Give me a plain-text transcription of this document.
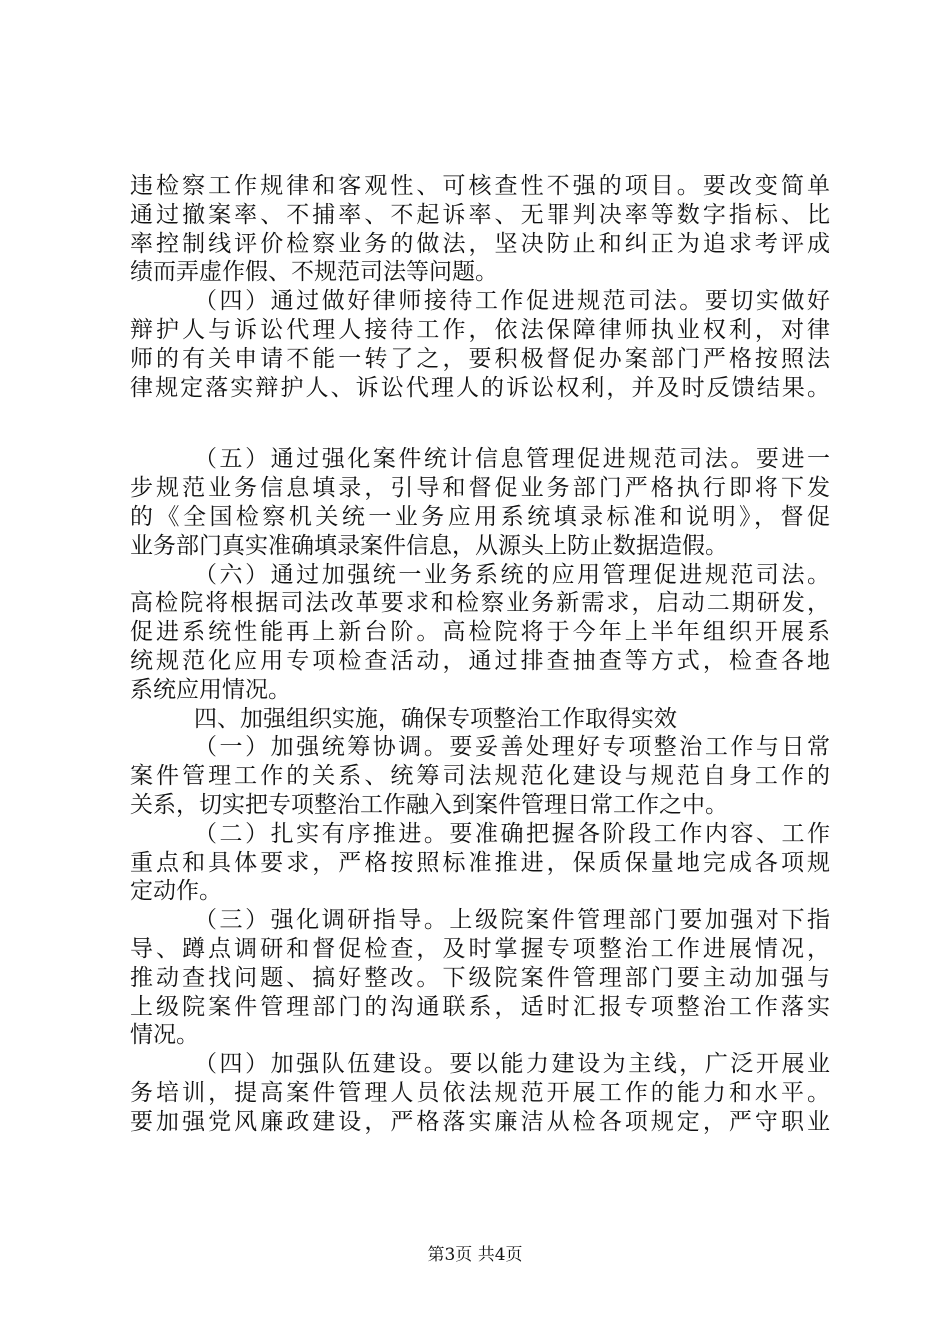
违检察工作规律和客观性、可核查性不强的项目。要改变简单
通过撤案率、不捕率、不起诉率、无罪判决率等数字指标、比
率控制线评价检察业务的做法，坚决防止和纠正为追求考评成
绩而弄虚作假、不规范司法等问题。
（四）通过做好律师接待工作促进规范司法。要切实做好
辩护人与诉讼代理人接待工作，依法保障律师执业权利，对律
师的有关申请不能一转了之，要积极督促办案部门严格按照法
律规定落实辩护人、诉讼代理人的诉讼权利，并及时反馈结果。
（五）通过强化案件统计信息管理促进规范司法。要进一
步规范业务信息填录，引导和督促业务部门严格执行即将下发
的《全国检察机关统一业务应用系统填录标准和说明》，督促
业务部门真实准确填录案件信息，从源头上防止数据造假。
（六）通过加强统一业务系统的应用管理促进规范司法。
高检院将根据司法改革要求和检察业务新需求，启动二期研发，
促进系统性能再上新台阶。高检院将于今年上半年组织开展系
统规范化应用专项检查活动，通过排查抽查等方式，检查各地
系统应用情况。
四、加强组织实施，确保专项整治工作取得实效
（一）加强统筹协调。要妥善处理好专项整治工作与日常
案件管理工作的关系、统筹司法规范化建设与规范自身工作的
关系，切实把专项整治工作融入到案件管理日常工作之中。
（二）扎实有序推进。要准确把握各阶段工作内容、工作
重点和具体要求，严格按照标准推进，保质保量地完成各项规
定动作。
（三）强化调研指导。上级院案件管理部门要加强对下指
导、蹲点调研和督促检查，及时掌握专项整治工作进展情况，
推动查找问题、搞好整改。下级院案件管理部门要主动加强与
上级院案件管理部门的沟通联系，适时汇报专项整治工作落实
情况。
（四）加强队伍建设。要以能力建设为主线，广泛开展业
务培训，提高案件管理人员依法规范开展工作的能力和水平。
要加强党风廉政建设，严格落实廉洁从检各项规定，严守职业
第3页 共4页
